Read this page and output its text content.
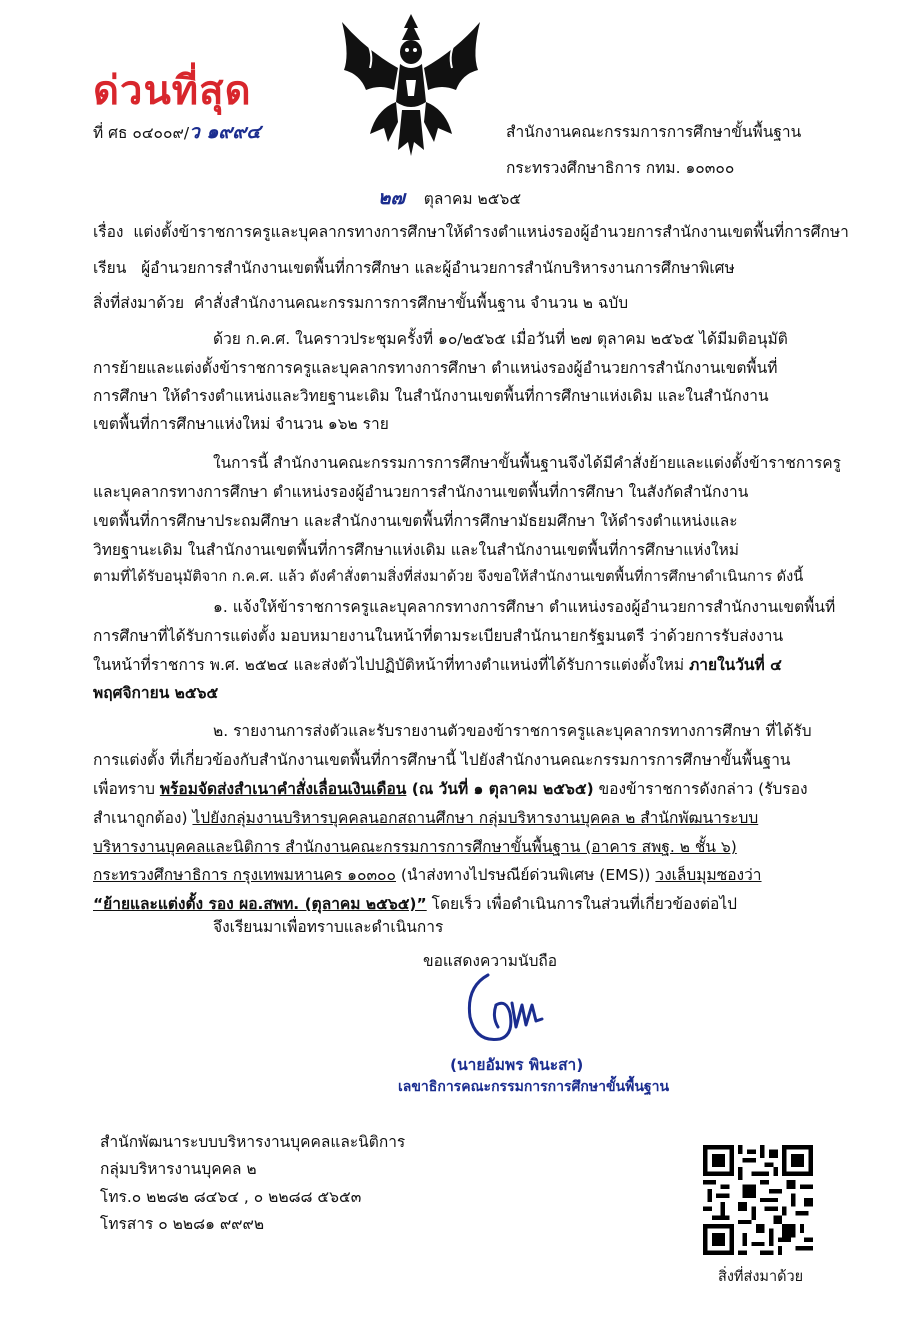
ด่วนที่สุด
ที่ ศธ ๐๔๐๐๙/ว ๑๙๙๔	สำนักงานคณะกรรมการการศึกษาขั้นพื้นฐาน
กระทรวงศึกษาธิการ กทม. ๑๐๓๐๐
๒๗ ตุลาคม ๒๕๖๕
เรื่อง แต่งตั้งข้าราชการครูและบุคลากรทางการศึกษาให้ดำรงตำแหน่งรองผู้อำนวยการสำนักงานเขตพื้นที่การศึกษา
เรียน ผู้อำนวยการสำนักงานเขตพื้นที่การศึกษา และผู้อำนวยการสำนักบริหารงานการศึกษาพิเศษ
สิ่งที่ส่งมาด้วย คำสั่งสำนักงานคณะกรรมการการศึกษาขั้นพื้นฐาน จำนวน ๒ ฉบับ
ด้วย ก.ค.ศ. ในคราวประชุมครั้งที่ ๑๐/๒๕๖๕ เมื่อวันที่ ๒๗ ตุลาคม ๒๕๖๕ ได้มีมติอนุมัติ
การย้ายและแต่งตั้งข้าราชการครูและบุคลากรทางการศึกษา ตำแหน่งรองผู้อำนวยการสำนักงานเขตพื้นที่
การศึกษา ให้ดำรงตำแหน่งและวิทยฐานะเดิม ในสำนักงานเขตพื้นที่การศึกษาแห่งเดิม และในสำนักงาน
เขตพื้นที่การศึกษาแห่งใหม่ จำนวน ๑๖๒ ราย
ในการนี้ สำนักงานคณะกรรมการการศึกษาขั้นพื้นฐานจึงได้มีคำสั่งย้ายและแต่งตั้งข้าราชการครู
และบุคลากรทางการศึกษา ตำแหน่งรองผู้อำนวยการสำนักงานเขตพื้นที่การศึกษา ในสังกัดสำนักงาน
เขตพื้นที่การศึกษาประถมศึกษา และสำนักงานเขตพื้นที่การศึกษามัธยมศึกษา ให้ดำรงตำแหน่งและ
วิทยฐานะเดิม ในสำนักงานเขตพื้นที่การศึกษาแห่งเดิม และในสำนักงานเขตพื้นที่การศึกษาแห่งใหม่
ตามที่ได้รับอนุมัติจาก ก.ค.ศ. แล้ว ดังคำสั่งตามสิ่งที่ส่งมาด้วย จึงขอให้สำนักงานเขตพื้นที่การศึกษาดำเนินการ ดังนี้
๑. แจ้งให้ข้าราชการครูและบุคลากรทางการศึกษา ตำแหน่งรองผู้อำนวยการสำนักงานเขตพื้นที่
การศึกษาที่ได้รับการแต่งตั้ง มอบหมายงานในหน้าที่ตามระเบียบสำนักนายกรัฐมนตรี ว่าด้วยการรับส่งงาน
ในหน้าที่ราชการ พ.ศ. ๒๕๒๔ และส่งตัวไปปฏิบัติหน้าที่ทางตำแหน่งที่ได้รับการแต่งตั้งใหม่ ภายในวันที่ ๔
พฤศจิกายน ๒๕๖๕
๒. รายงานการส่งตัวและรับรายงานตัวของข้าราชการครูและบุคลากรทางการศึกษา ที่ได้รับ
การแต่งตั้ง ที่เกี่ยวข้องกับสำนักงานเขตพื้นที่การศึกษานี้ ไปยังสำนักงานคณะกรรมการการศึกษาขั้นพื้นฐาน
เพื่อทราบ พร้อมจัดส่งสำเนาคำสั่งเลื่อนเงินเดือน (ณ วันที่ ๑ ตุลาคม ๒๕๖๕) ของข้าราชการดังกล่าว (รับรอง
สำเนาถูกต้อง) ไปยังกลุ่มงานบริหารบุคคลนอกสถานศึกษา กลุ่มบริหารงานบุคคล ๒ สำนักพัฒนาระบบ
บริหารงานบุคคลและนิติการ สำนักงานคณะกรรมการการศึกษาขั้นพื้นฐาน (อาคาร สพฐ. ๒ ชั้น ๖)
กระทรวงศึกษาธิการ กรุงเทพมหานคร ๑๐๓๐๐ (นำส่งทางไปรษณีย์ด่วนพิเศษ (EMS)) วงเล็บมุมซองว่า
“ย้ายและแต่งตั้ง รอง ผอ.สพท. (ตุลาคม ๒๕๖๕)” โดยเร็ว เพื่อดำเนินการในส่วนที่เกี่ยวข้องต่อไป
จึงเรียนมาเพื่อทราบและดำเนินการ
ขอแสดงความนับถือ
(นายอัมพร พินะสา)
เลขาธิการคณะกรรมการการศึกษาขั้นพื้นฐาน
สำนักพัฒนาระบบบริหารงานบุคคลและนิติการ
กลุ่มบริหารงานบุคคล ๒
โทร.๐ ๒๒๘๒ ๘๔๖๔ , ๐ ๒๒๘๘ ๕๖๕๓
โทรสาร ๐ ๒๒๘๑ ๙๙๙๒
สิ่งที่ส่งมาด้วย
